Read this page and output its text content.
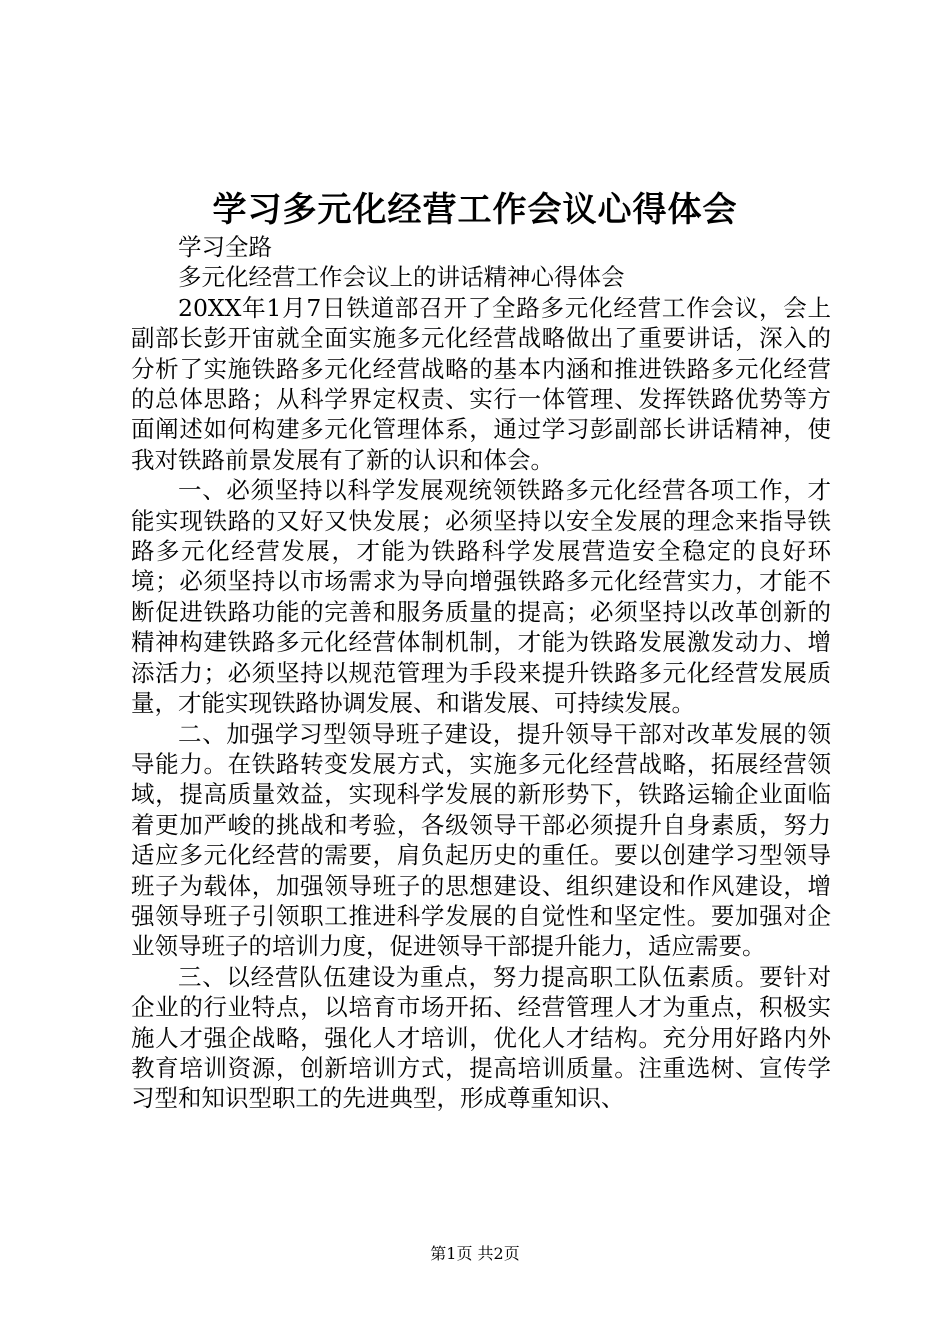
学习多元化经营工作会议心得体会

学习全路

多元化经营工作会议上的讲话精神心得体会

20XX年1月7日铁道部召开了全路多元化经营工作会议，会上副部长彭开宙就全面实施多元化经营战略做出了重要讲话，深入的分析了实施铁路多元化经营战略的基本内涵和推进铁路多元化经营的总体思路；从科学界定权责、实行一体管理、发挥铁路优势等方面阐述如何构建多元化管理体系，通过学习彭副部长讲话精神，使我对铁路前景发展有了新的认识和体会。

一、必须坚持以科学发展观统领铁路多元化经营各项工作，才能实现铁路的又好又快发展；必须坚持以安全发展的理念来指导铁路多元化经营发展，才能为铁路科学发展营造安全稳定的良好环境；必须坚持以市场需求为导向增强铁路多元化经营实力，才能不断促进铁路功能的完善和服务质量的提高；必须坚持以改革创新的精神构建铁路多元化经营体制机制，才能为铁路发展激发动力、增添活力；必须坚持以规范管理为手段来提升铁路多元化经营发展质量，才能实现铁路协调发展、和谐发展、可持续发展。

二、加强学习型领导班子建设，提升领导干部对改革发展的领导能力。在铁路转变发展方式，实施多元化经营战略，拓展经营领域，提高质量效益，实现科学发展的新形势下，铁路运输企业面临着更加严峻的挑战和考验，各级领导干部必须提升自身素质，努力适应多元化经营的需要，肩负起历史的重任。要以创建学习型领导班子为载体，加强领导班子的思想建设、组织建设和作风建设，增强领导班子引领职工推进科学发展的自觉性和坚定性。要加强对企业领导班子的培训力度，促进领导干部提升能力，适应需要。

三、以经营队伍建设为重点，努力提高职工队伍素质。要针对企业的行业特点，以培育市场开拓、经营管理人才为重点，积极实施人才强企战略，强化人才培训，优化人才结构。充分用好路内外教育培训资源，创新培训方式，提高培训质量。注重选树、宣传学习型和知识型职工的先进典型，形成尊重知识、

第1页 共2页
